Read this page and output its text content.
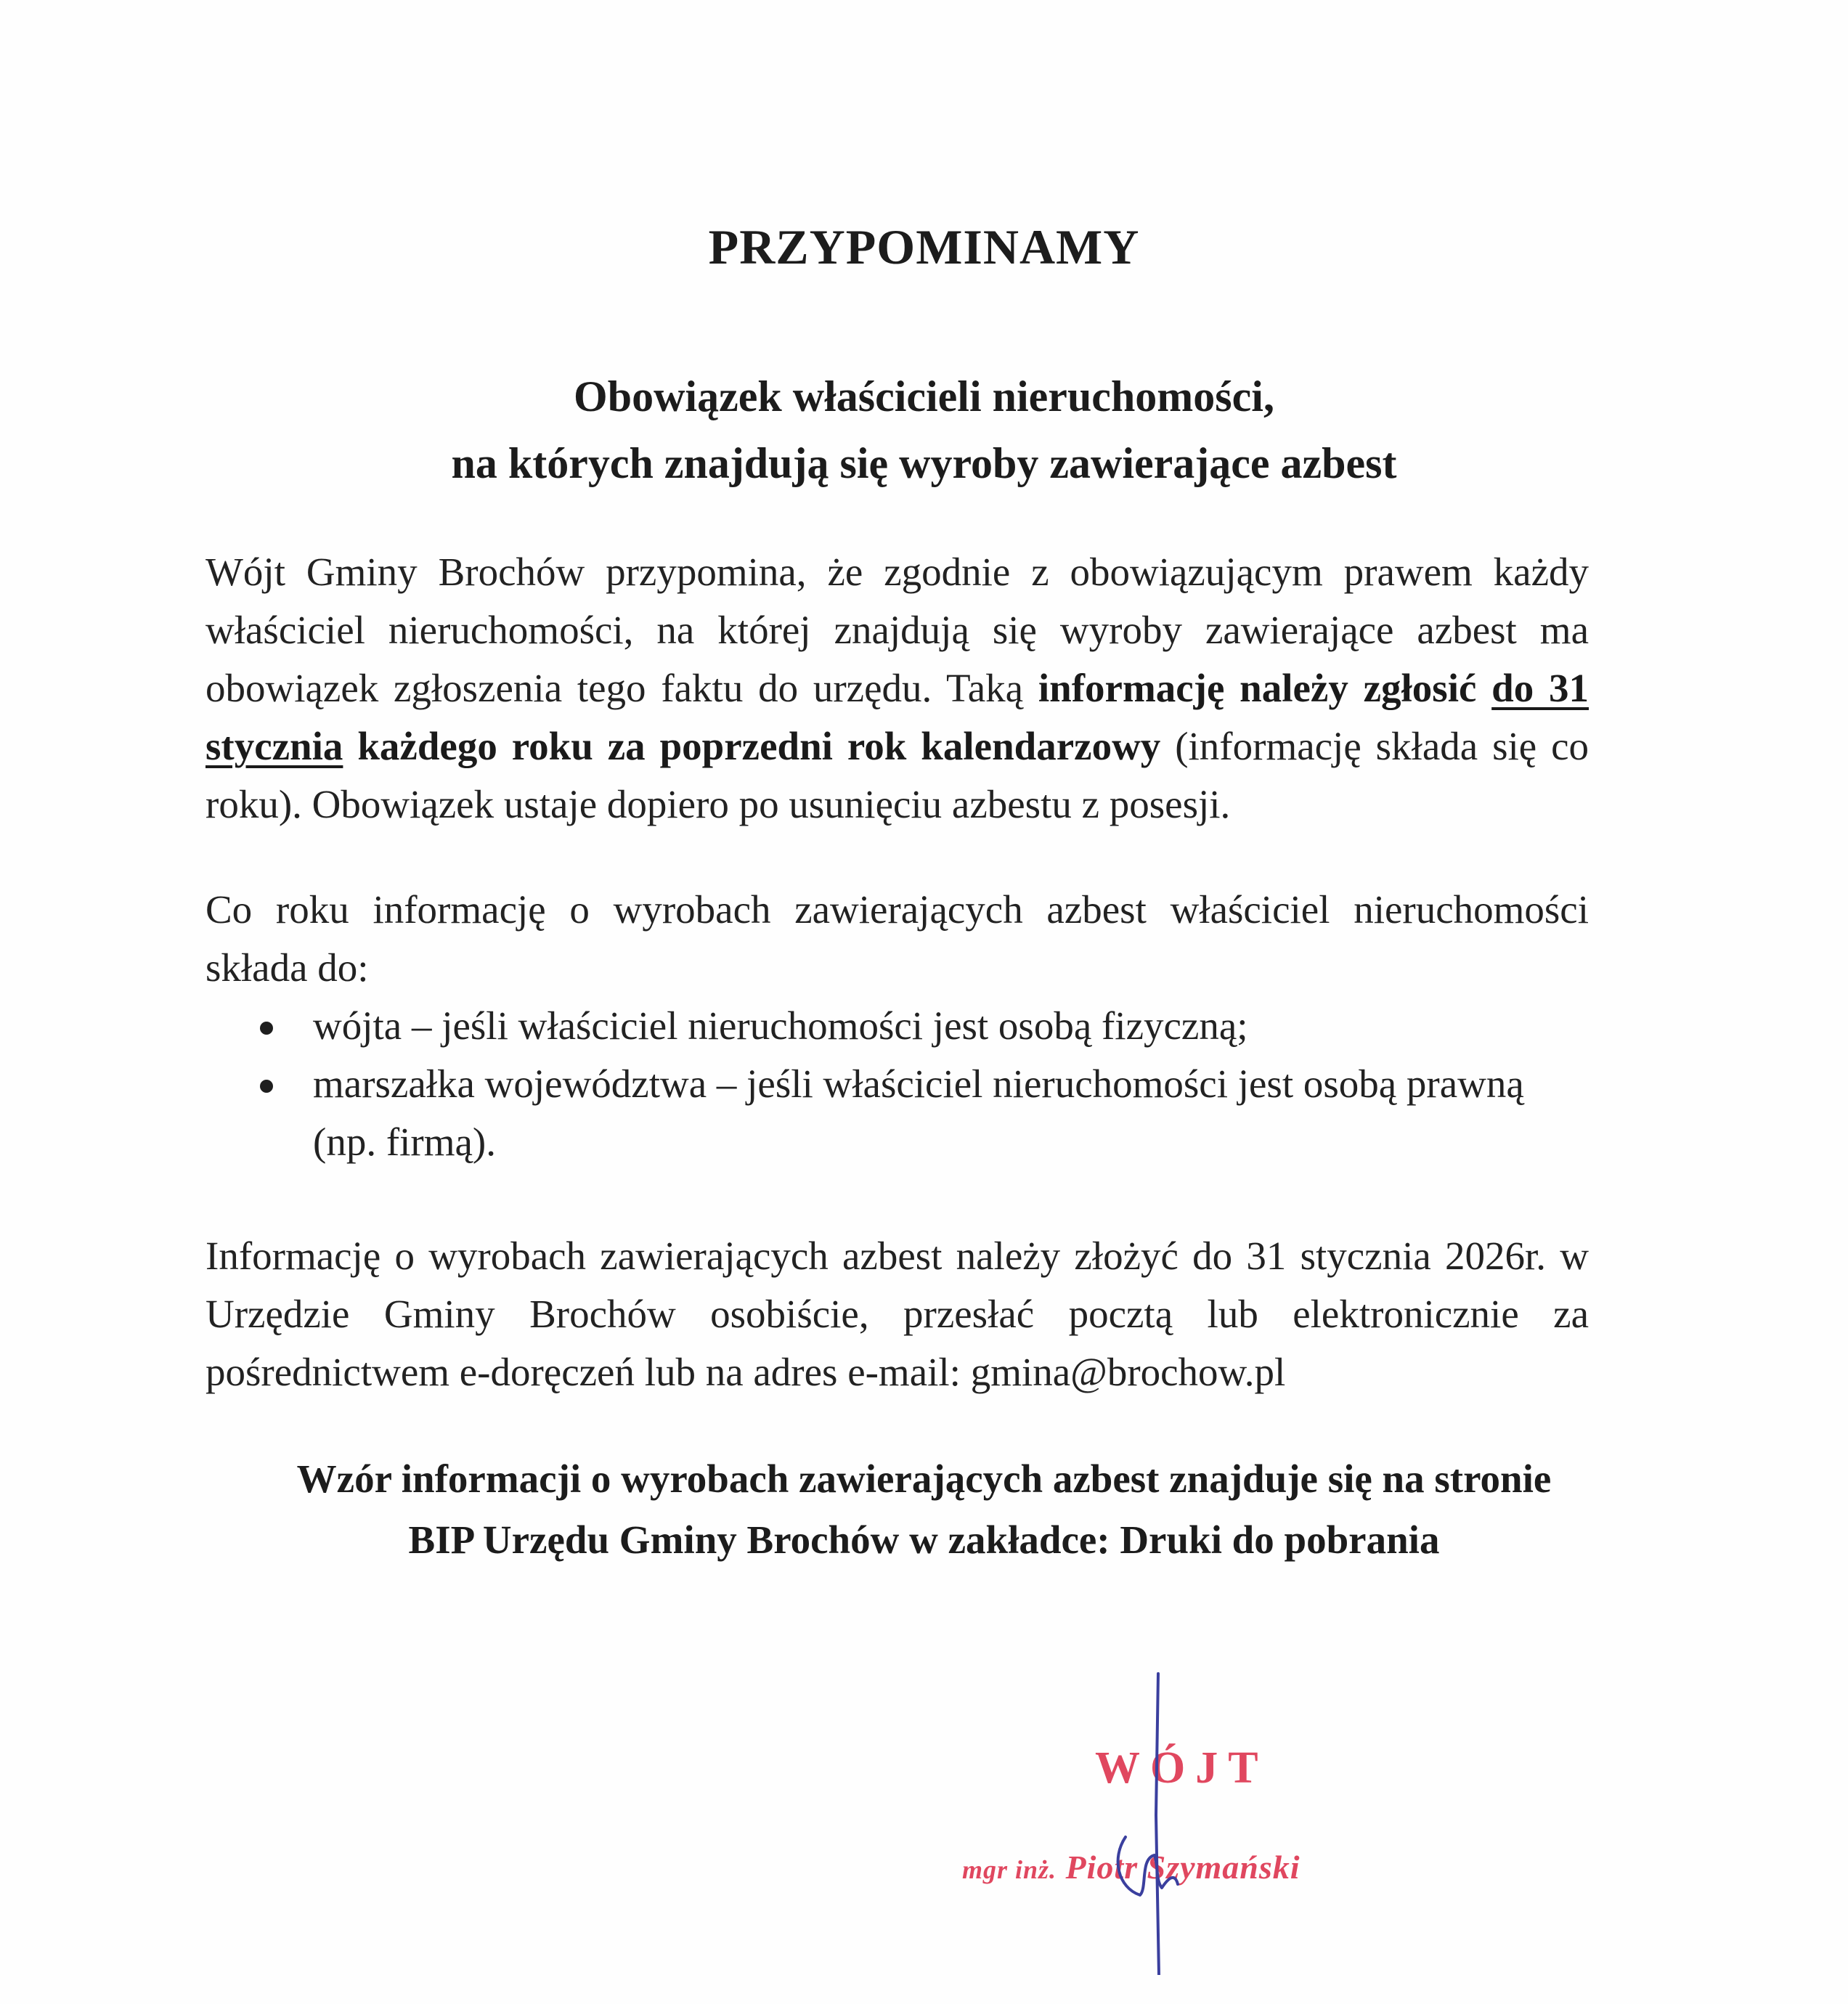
PRZYPOMINAMY
Obowiązek właścicieli nieruchomości,
na których znajdują się wyroby zawierające azbest
Wójt Gminy Brochów przypomina, że zgodnie z obowiązującym prawem każdy właściciel nieruchomości, na której znajdują się wyroby zawierające azbest ma obowiązek zgłoszenia tego faktu do urzędu. Taką informację należy zgłosić do 31 stycznia każdego roku za poprzedni rok kalendarzowy (informację składa się co roku). Obowiązek ustaje dopiero po usunięciu azbestu z posesji.
Co roku informację o wyrobach zawierających azbest właściciel nieruchomości składa do:
wójta – jeśli właściciel nieruchomości jest osobą fizyczną;
marszałka województwa – jeśli właściciel nieruchomości jest osobą prawną (np. firmą).
Informację o wyrobach zawierających azbest należy złożyć do 31 stycznia 2026r. w Urzędzie Gminy Brochów osobiście, przesłać pocztą lub elektronicznie za pośrednictwem e-doręczeń lub na adres e-mail: gmina@brochow.pl
Wzór informacji o wyrobach zawierających azbest znajduje się na stronie
BIP Urzędu Gminy Brochów w zakładce: Druki do pobrania
WÓJT
mgr inż. Piotr Szymański
